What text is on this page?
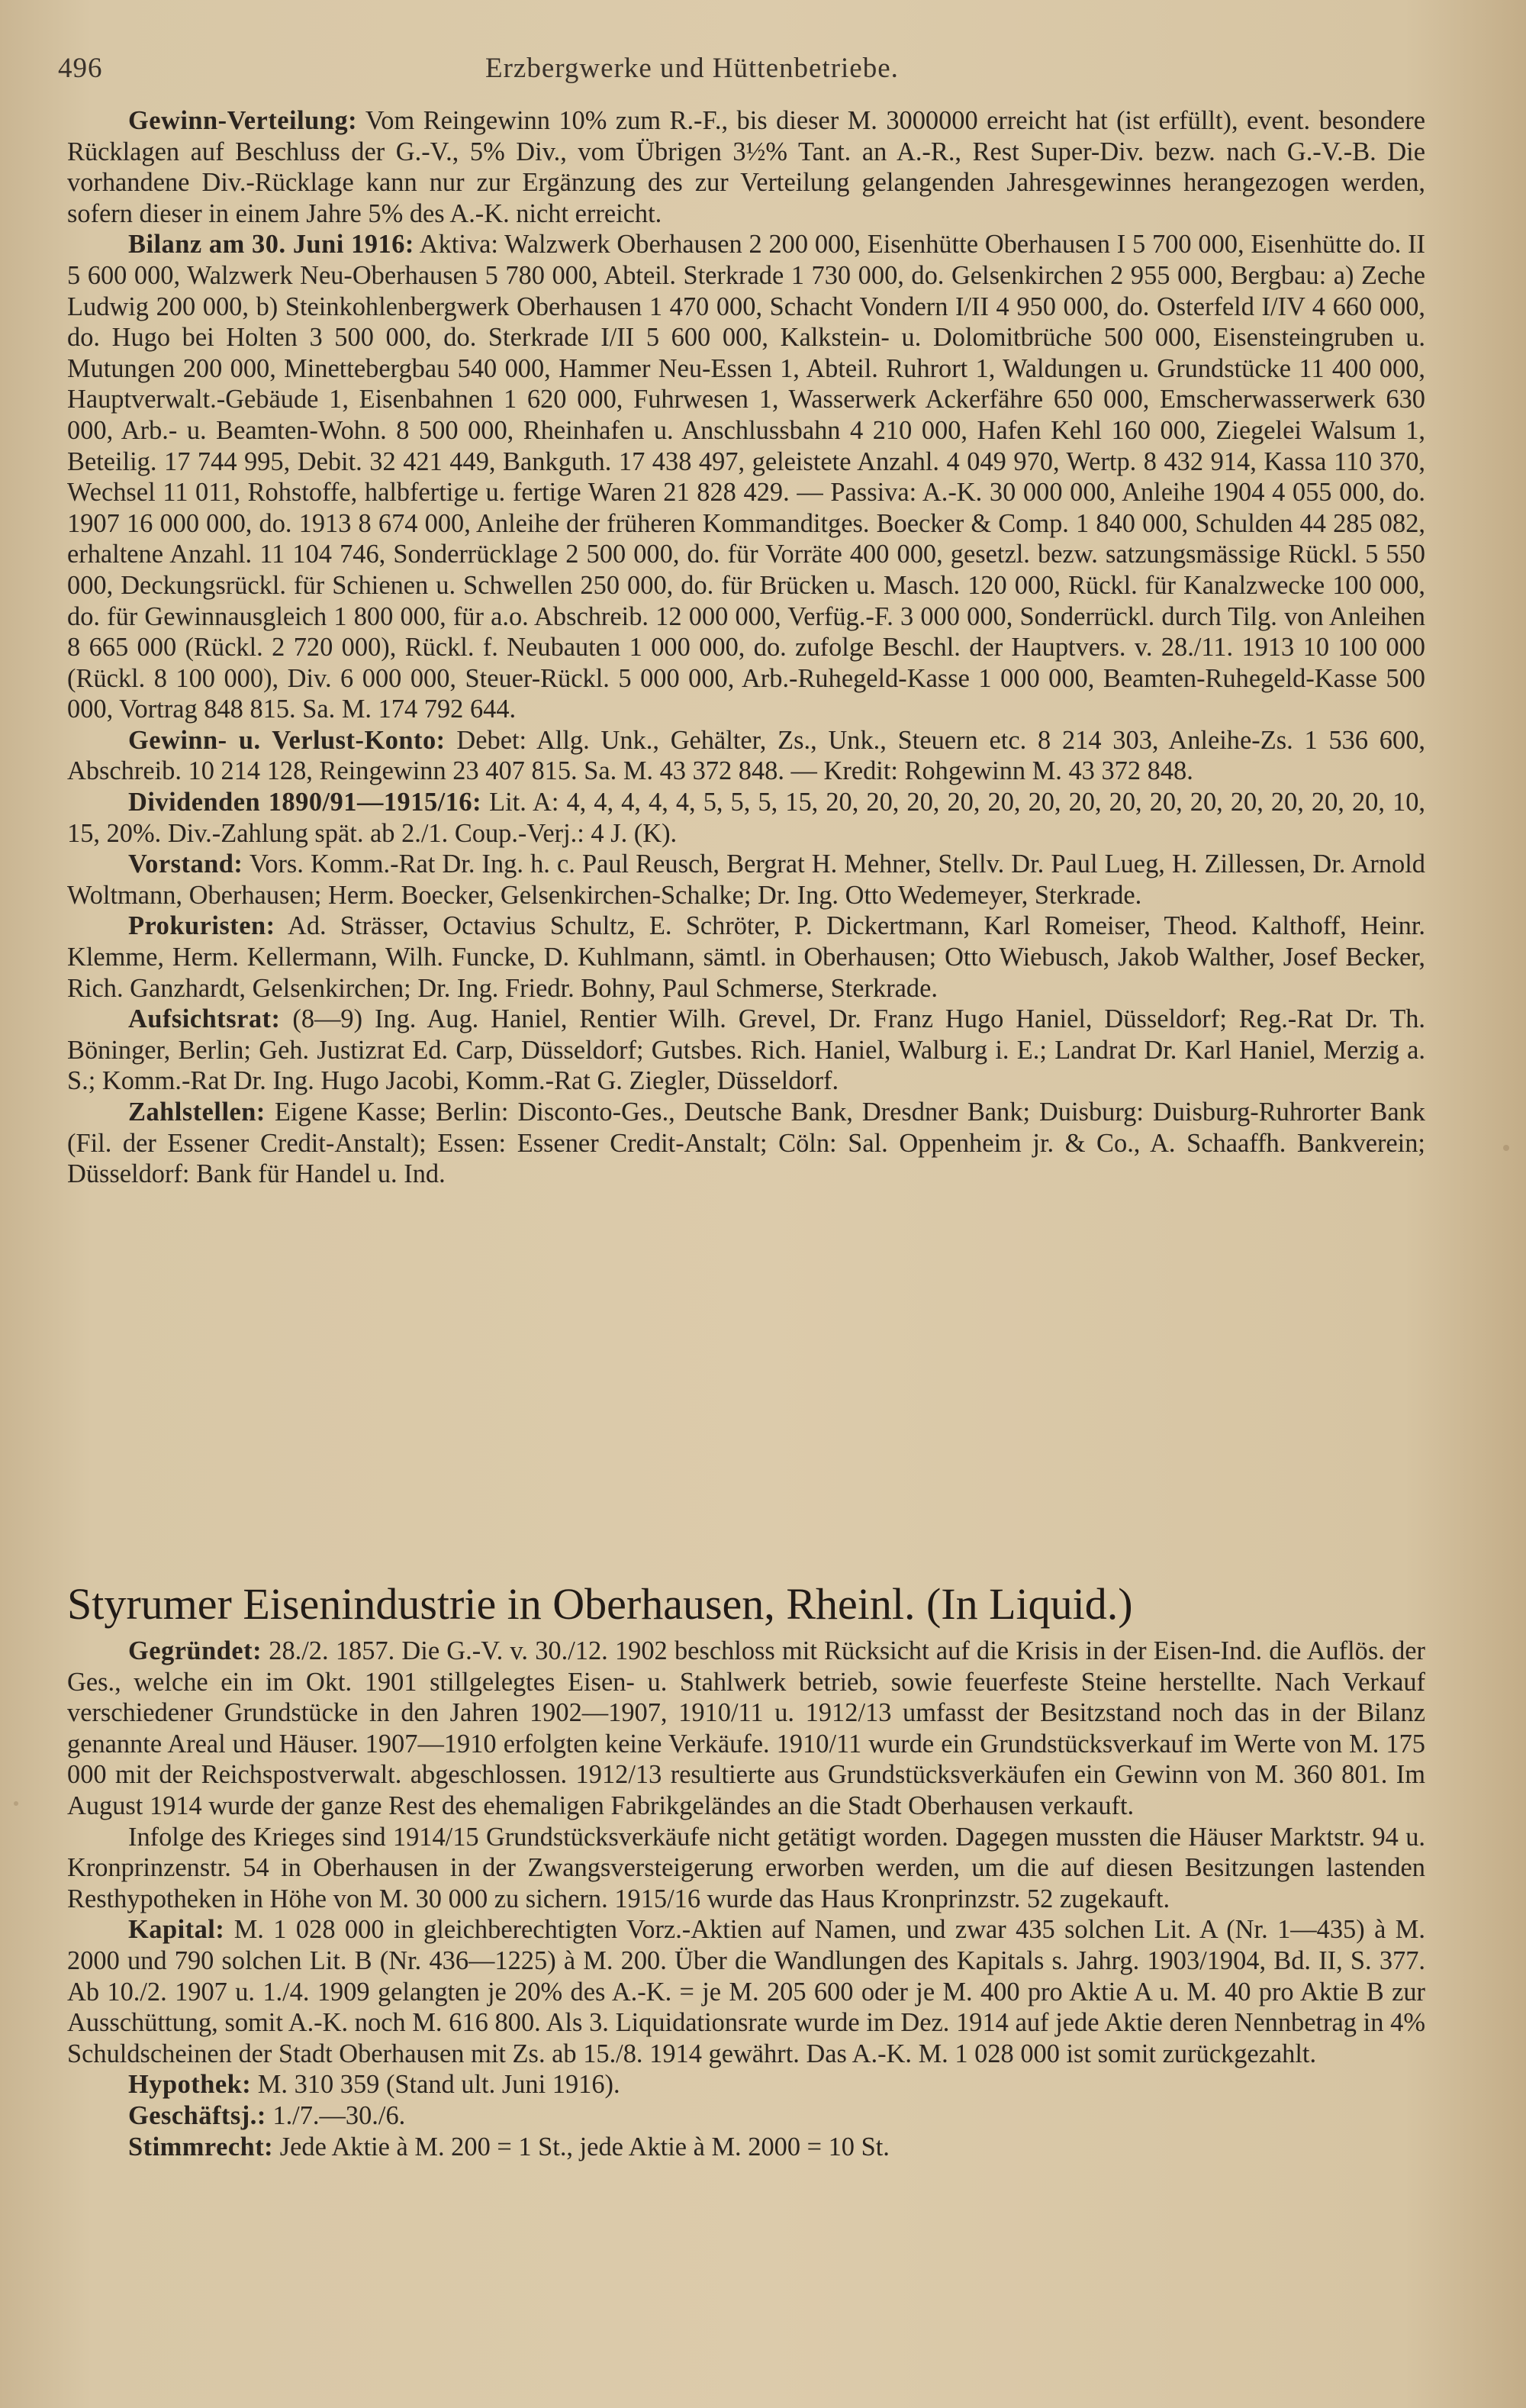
496	Erzbergwerke und Hüttenbetriebe.

Gewinn-Verteilung: Vom Reingewinn 10% zum R.-F., bis dieser M. 3000000 erreicht hat (ist erfüllt), event. besondere Rücklagen auf Beschluss der G.-V., 5% Div., vom Übrigen 3½% Tant. an A.-R., Rest Super-Div. bezw. nach G.-V.-B. Die vorhandene Div.-Rücklage kann nur zur Ergänzung des zur Verteilung gelangenden Jahresgewinnes herangezogen werden, sofern dieser in einem Jahre 5% des A.-K. nicht erreicht.

Bilanz am 30. Juni 1916: Aktiva: Walzwerk Oberhausen 2 200 000, Eisenhütte Oberhausen I 5 700 000, Eisenhütte do. II 5 600 000, Walzwerk Neu-Oberhausen 5 780 000, Abteil. Sterkrade 1 730 000, do. Gelsenkirchen 2 955 000, Bergbau: a) Zeche Ludwig 200 000, b) Steinkohlenbergwerk Oberhausen 1 470 000, Schacht Vondern I/II 4 950 000, do. Osterfeld I/IV 4 660 000, do. Hugo bei Holten 3 500 000, do. Sterkrade I/II 5 600 000, Kalkstein- u. Dolomitbrüche 500 000, Eisensteingruben u. Mutungen 200 000, Minettebergbau 540 000, Hammer Neu-Essen 1, Abteil. Ruhrort 1, Waldungen u. Grundstücke 11 400 000, Hauptverwalt.-Gebäude 1, Eisenbahnen 1 620 000, Fuhrwesen 1, Wasserwerk Ackerfähre 650 000, Emscherwasserwerk 630 000, Arb.- u. Beamten-Wohn. 8 500 000, Rheinhafen u. Anschlussbahn 4 210 000, Hafen Kehl 160 000, Ziegelei Walsum 1, Beteilig. 17 744 995, Debit. 32 421 449, Bankguth. 17 438 497, geleistete Anzahl. 4 049 970, Wertp. 8 432 914, Kassa 110 370, Wechsel 11 011, Rohstoffe, halbfertige u. fertige Waren 21 828 429. — Passiva: A.-K. 30 000 000, Anleihe 1904 4 055 000, do. 1907 16 000 000, do. 1913 8 674 000, Anleihe der früheren Kommanditges. Boecker & Comp. 1 840 000, Schulden 44 285 082, erhaltene Anzahl. 11 104 746, Sonderrücklage 2 500 000, do. für Vorräte 400 000, gesetzl. bezw. satzungsmässige Rückl. 5 550 000, Deckungsrückl. für Schienen u. Schwellen 250 000, do. für Brücken u. Masch. 120 000, Rückl. für Kanalzwecke 100 000, do. für Gewinnausgleich 1 800 000, für a.o. Abschreib. 12 000 000, Verfüg.-F. 3 000 000, Sonderrückl. durch Tilg. von Anleihen 8 665 000 (Rückl. 2 720 000), Rückl. f. Neubauten 1 000 000, do. zufolge Beschl. der Hauptvers. v. 28./11. 1913 10 100 000 (Rückl. 8 100 000), Div. 6 000 000, Steuer-Rückl. 5 000 000, Arb.-Ruhegeld-Kasse 1 000 000, Beamten-Ruhegeld-Kasse 500 000, Vortrag 848 815. Sa. M. 174 792 644.

Gewinn- u. Verlust-Konto: Debet: Allg. Unk., Gehälter, Zs., Unk., Steuern etc. 8 214 303, Anleihe-Zs. 1 536 600, Abschreib. 10 214 128, Reingewinn 23 407 815. Sa. M. 43 372 848. — Kredit: Rohgewinn M. 43 372 848.

Dividenden 1890/91—1915/16: Lit. A: 4, 4, 4, 4, 4, 5, 5, 5, 15, 20, 20, 20, 20, 20, 20, 20, 20, 20, 20, 20, 20, 20, 20, 10, 15, 20%. Div.-Zahlung spät. ab 2./1. Coup.-Verj.: 4 J. (K).

Vorstand: Vors. Komm.-Rat Dr. Ing. h. c. Paul Reusch, Bergrat H. Mehner, Stellv. Dr. Paul Lueg, H. Zillessen, Dr. Arnold Woltmann, Oberhausen; Herm. Boecker, Gelsenkirchen-Schalke; Dr. Ing. Otto Wedemeyer, Sterkrade.

Prokuristen: Ad. Strässer, Octavius Schultz, E. Schröter, P. Dickertmann, Karl Romeiser, Theod. Kalthoff, Heinr. Klemme, Herm. Kellermann, Wilh. Funcke, D. Kuhlmann, sämtl. in Oberhausen; Otto Wiebusch, Jakob Walther, Josef Becker, Rich. Ganzhardt, Gelsenkirchen; Dr. Ing. Friedr. Bohny, Paul Schmerse, Sterkrade.

Aufsichtsrat: (8—9) Ing. Aug. Haniel, Rentier Wilh. Grevel, Dr. Franz Hugo Haniel, Düsseldorf; Reg.-Rat Dr. Th. Böninger, Berlin; Geh. Justizrat Ed. Carp, Düsseldorf; Gutsbes. Rich. Haniel, Walburg i. E.; Landrat Dr. Karl Haniel, Merzig a. S.; Komm.-Rat Dr. Ing. Hugo Jacobi, Komm.-Rat G. Ziegler, Düsseldorf.

Zahlstellen: Eigene Kasse; Berlin: Disconto-Ges., Deutsche Bank, Dresdner Bank; Duisburg: Duisburg-Ruhrorter Bank (Fil. der Essener Credit-Anstalt); Essen: Essener Credit-Anstalt; Cöln: Sal. Oppenheim jr. & Co., A. Schaaffh. Bankverein; Düsseldorf: Bank für Handel u. Ind.

Styrumer Eisenindustrie in Oberhausen, Rheinl. (In Liquid.)

Gegründet: 28./2. 1857. Die G.-V. v. 30./12. 1902 beschloss mit Rücksicht auf die Krisis in der Eisen-Ind. die Auflös. der Ges., welche ein im Okt. 1901 stillgelegtes Eisen- u. Stahlwerk betrieb, sowie feuerfeste Steine herstellte. Nach Verkauf verschiedener Grundstücke in den Jahren 1902—1907, 1910/11 u. 1912/13 umfasst der Besitzstand noch das in der Bilanz genannte Areal und Häuser. 1907—1910 erfolgten keine Verkäufe. 1910/11 wurde ein Grundstücksverkauf im Werte von M. 175 000 mit der Reichspostverwalt. abgeschlossen. 1912/13 resultierte aus Grundstücksverkäufen ein Gewinn von M. 360 801. Im August 1914 wurde der ganze Rest des ehemaligen Fabrikgeländes an die Stadt Oberhausen verkauft.

Infolge des Krieges sind 1914/15 Grundstücksverkäufe nicht getätigt worden. Dagegen mussten die Häuser Marktstr. 94 u. Kronprinzenstr. 54 in Oberhausen in der Zwangsversteigerung erworben werden, um die auf diesen Besitzungen lastenden Resthypotheken in Höhe von M. 30 000 zu sichern. 1915/16 wurde das Haus Kronprinzstr. 52 zugekauft.

Kapital: M. 1 028 000 in gleichberechtigten Vorz.-Aktien auf Namen, und zwar 435 solchen Lit. A (Nr. 1—435) à M. 2000 und 790 solchen Lit. B (Nr. 436—1225) à M. 200. Über die Wandlungen des Kapitals s. Jahrg. 1903/1904, Bd. II, S. 377. Ab 10./2. 1907 u. 1./4. 1909 gelangten je 20% des A.-K. = je M. 205 600 oder je M. 400 pro Aktie A u. M. 40 pro Aktie B zur Ausschüttung, somit A.-K. noch M. 616 800. Als 3. Liquidationsrate wurde im Dez. 1914 auf jede Aktie deren Nennbetrag in 4% Schuldscheinen der Stadt Oberhausen mit Zs. ab 15./8. 1914 gewährt. Das A.-K. M. 1 028 000 ist somit zurückgezahlt.

Hypothek: M. 310 359 (Stand ult. Juni 1916).

Geschäftsj.: 1./7.—30./6.

Stimmrecht: Jede Aktie à M. 200 = 1 St., jede Aktie à M. 2000 = 10 St.
